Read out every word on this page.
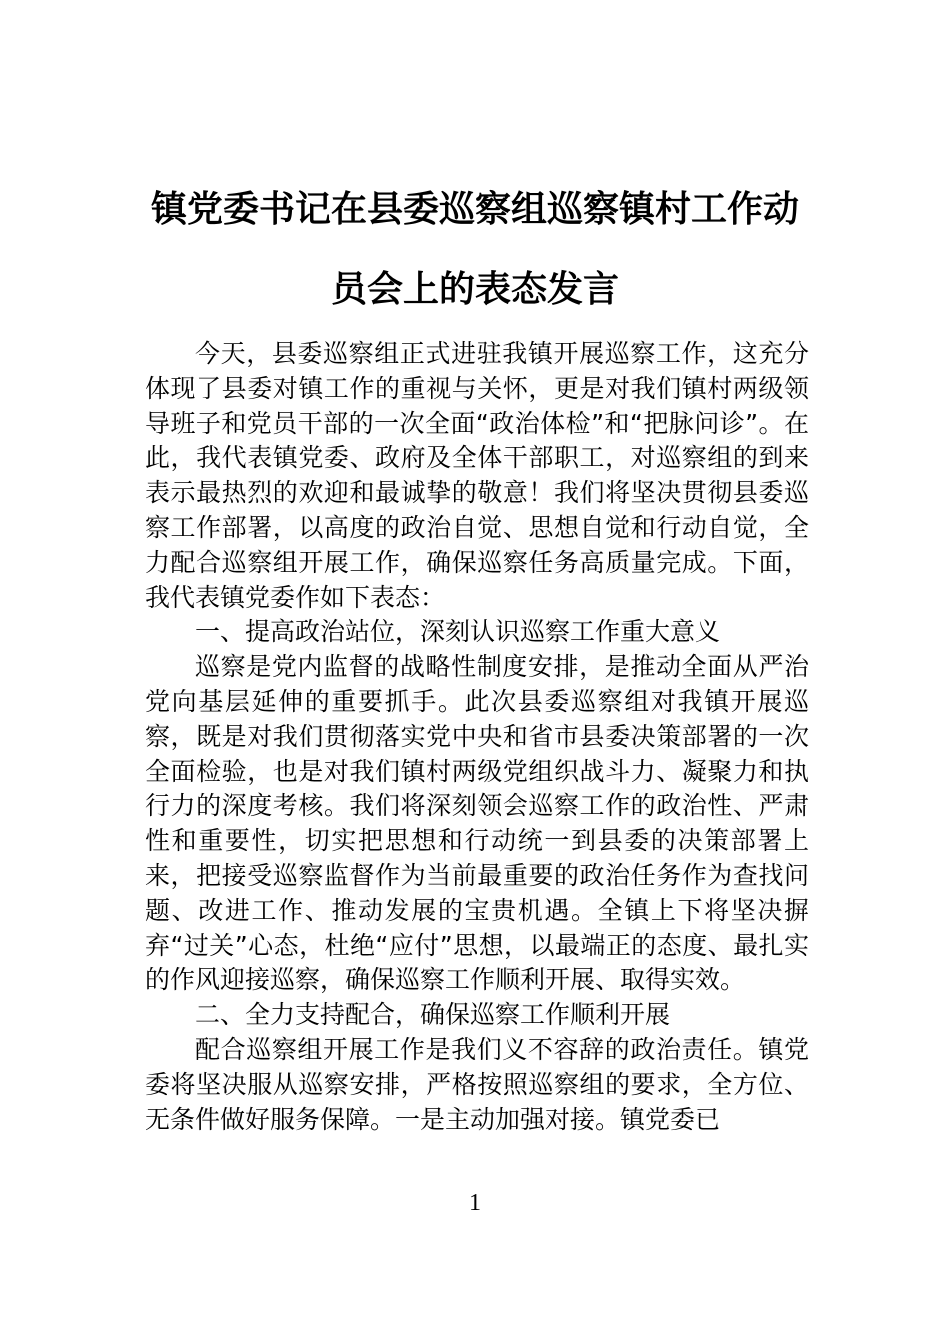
镇党委书记在县委巡察组巡察镇村工作动员会上的表态发言

今天，县委巡察组正式进驻我镇开展巡察工作，这充分体现了县委对镇工作的重视与关怀，更是对我们镇村两级领导班子和党员干部的一次全面“政治体检”和“把脉问诊”。在此，我代表镇党委、政府及全体干部职工，对巡察组的到来表示最热烈的欢迎和最诚挚的敬意！我们将坚决贯彻县委巡察工作部署，以高度的政治自觉、思想自觉和行动自觉，全力配合巡察组开展工作，确保巡察任务高质量完成。下面，我代表镇党委作如下表态：

一、提高政治站位，深刻认识巡察工作重大意义

巡察是党内监督的战略性制度安排，是推动全面从严治党向基层延伸的重要抓手。此次县委巡察组对我镇开展巡察，既是对我们贯彻落实党中央和省市县委决策部署的一次全面检验，也是对我们镇村两级党组织战斗力、凝聚力和执行力的深度考核。我们将深刻领会巡察工作的政治性、严肃性和重要性，切实把思想和行动统一到县委的决策部署上来，把接受巡察监督作为当前最重要的政治任务作为查找问题、改进工作、推动发展的宝贵机遇。全镇上下将坚决摒弃“过关”心态，杜绝“应付”思想，以最端正的态度、最扎实的作风迎接巡察，确保巡察工作顺利开展、取得实效。

二、全力支持配合，确保巡察工作顺利开展

配合巡察组开展工作是我们义不容辞的政治责任。镇党委将坚决服从巡察安排，严格按照巡察组的要求，全方位、无条件做好服务保障。一是主动加强对接。镇党委已

1
